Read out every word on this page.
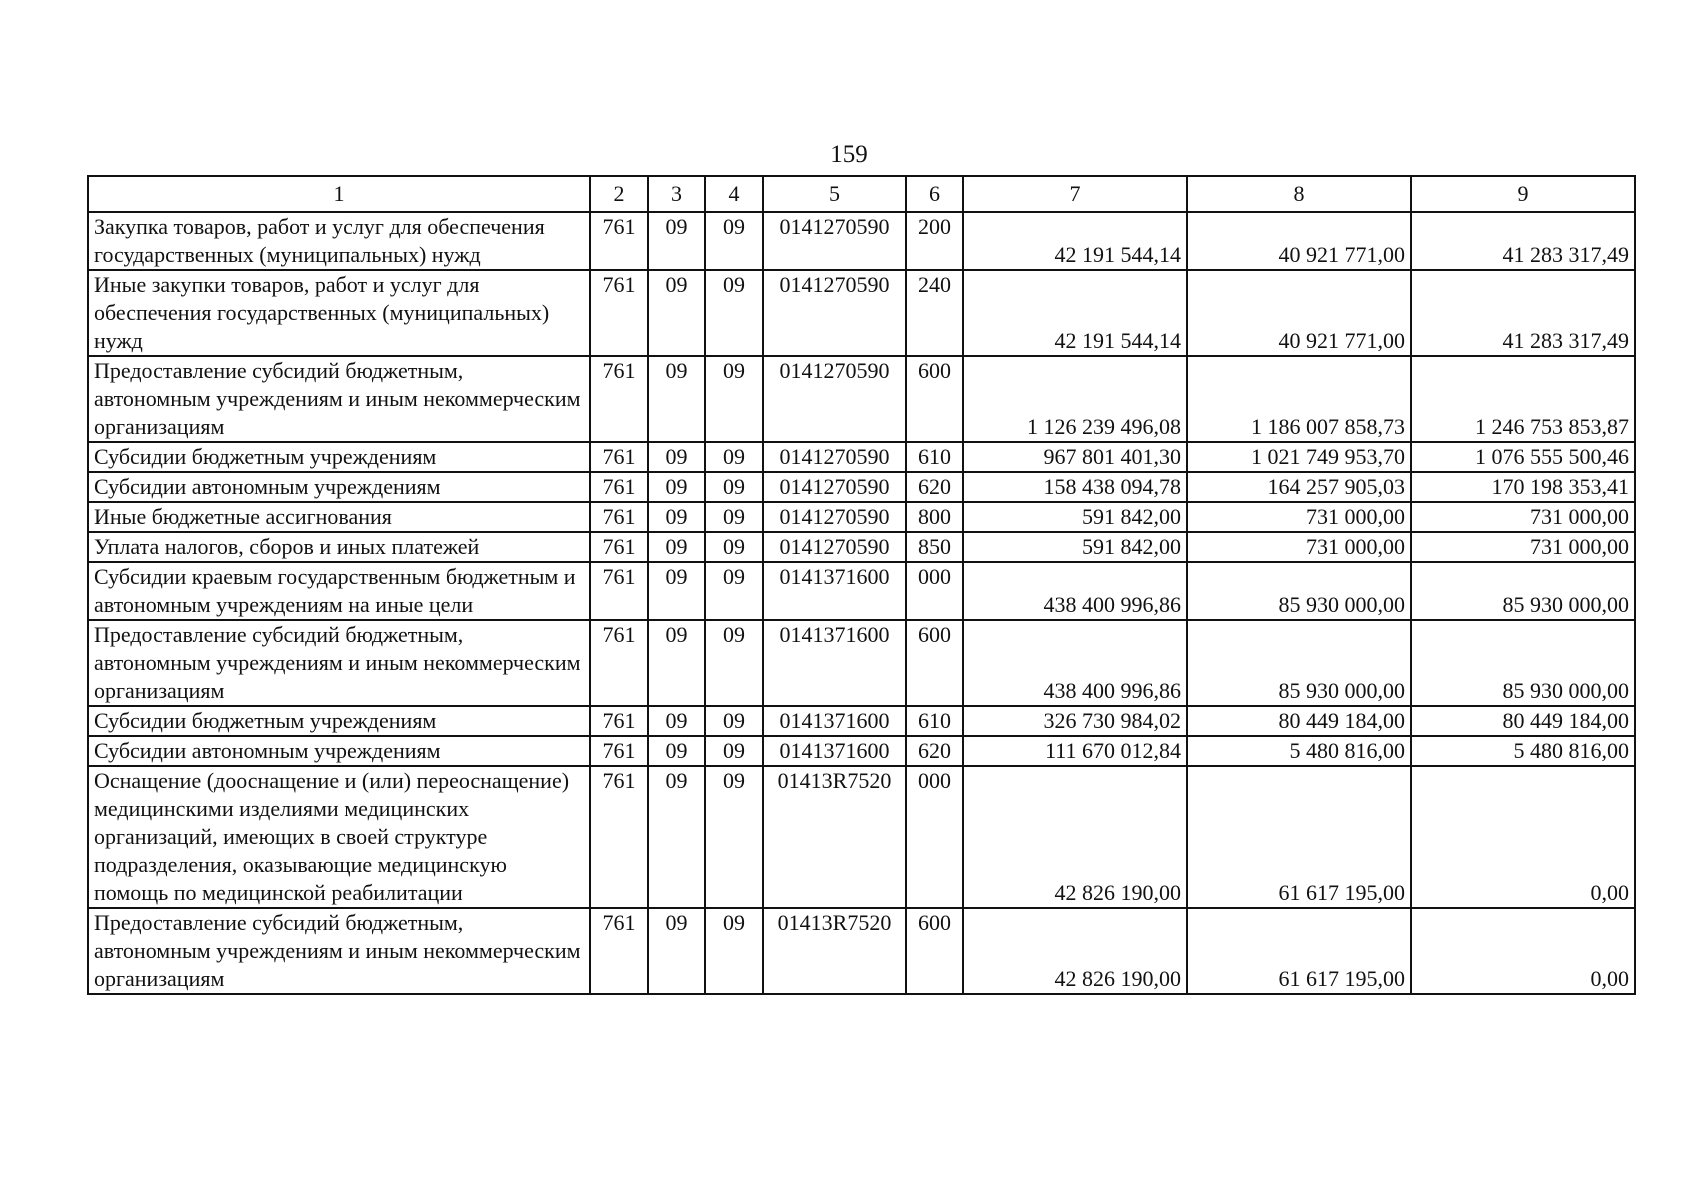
159
1	2	3	4	5	6	7	8	9
Закупка товаров, работ и услуг для обеспечения государственных (муниципальных) нужд	761	09	09	0141270590	200	42 191 544,14	40 921 771,00	41 283 317,49
Иные закупки товаров, работ и услуг для обеспечения государственных (муниципальных) нужд	761	09	09	0141270590	240	42 191 544,14	40 921 771,00	41 283 317,49
Предоставление субсидий бюджетным, автономным учреждениям и иным некоммерческим организациям	761	09	09	0141270590	600	1 126 239 496,08	1 186 007 858,73	1 246 753 853,87
Субсидии бюджетным учреждениям	761	09	09	0141270590	610	967 801 401,30	1 021 749 953,70	1 076 555 500,46
Субсидии автономным учреждениям	761	09	09	0141270590	620	158 438 094,78	164 257 905,03	170 198 353,41
Иные бюджетные ассигнования	761	09	09	0141270590	800	591 842,00	731 000,00	731 000,00
Уплата налогов, сборов и иных платежей	761	09	09	0141270590	850	591 842,00	731 000,00	731 000,00
Субсидии краевым государственным бюджетным и автономным учреждениям на иные цели	761	09	09	0141371600	000	438 400 996,86	85 930 000,00	85 930 000,00
Предоставление субсидий бюджетным, автономным учреждениям и иным некоммерческим организациям	761	09	09	0141371600	600	438 400 996,86	85 930 000,00	85 930 000,00
Субсидии бюджетным учреждениям	761	09	09	0141371600	610	326 730 984,02	80 449 184,00	80 449 184,00
Субсидии автономным учреждениям	761	09	09	0141371600	620	111 670 012,84	5 480 816,00	5 480 816,00
Оснащение (дооснащение и (или) переоснащение) медицинскими изделиями медицинских организаций, имеющих в своей структуре подразделения, оказывающие медицинскую помощь по медицинской реабилитации	761	09	09	01413R7520	000	42 826 190,00	61 617 195,00	0,00
Предоставление субсидий бюджетным, автономным учреждениям и иным некоммерческим организациям	761	09	09	01413R7520	600	42 826 190,00	61 617 195,00	0,00
